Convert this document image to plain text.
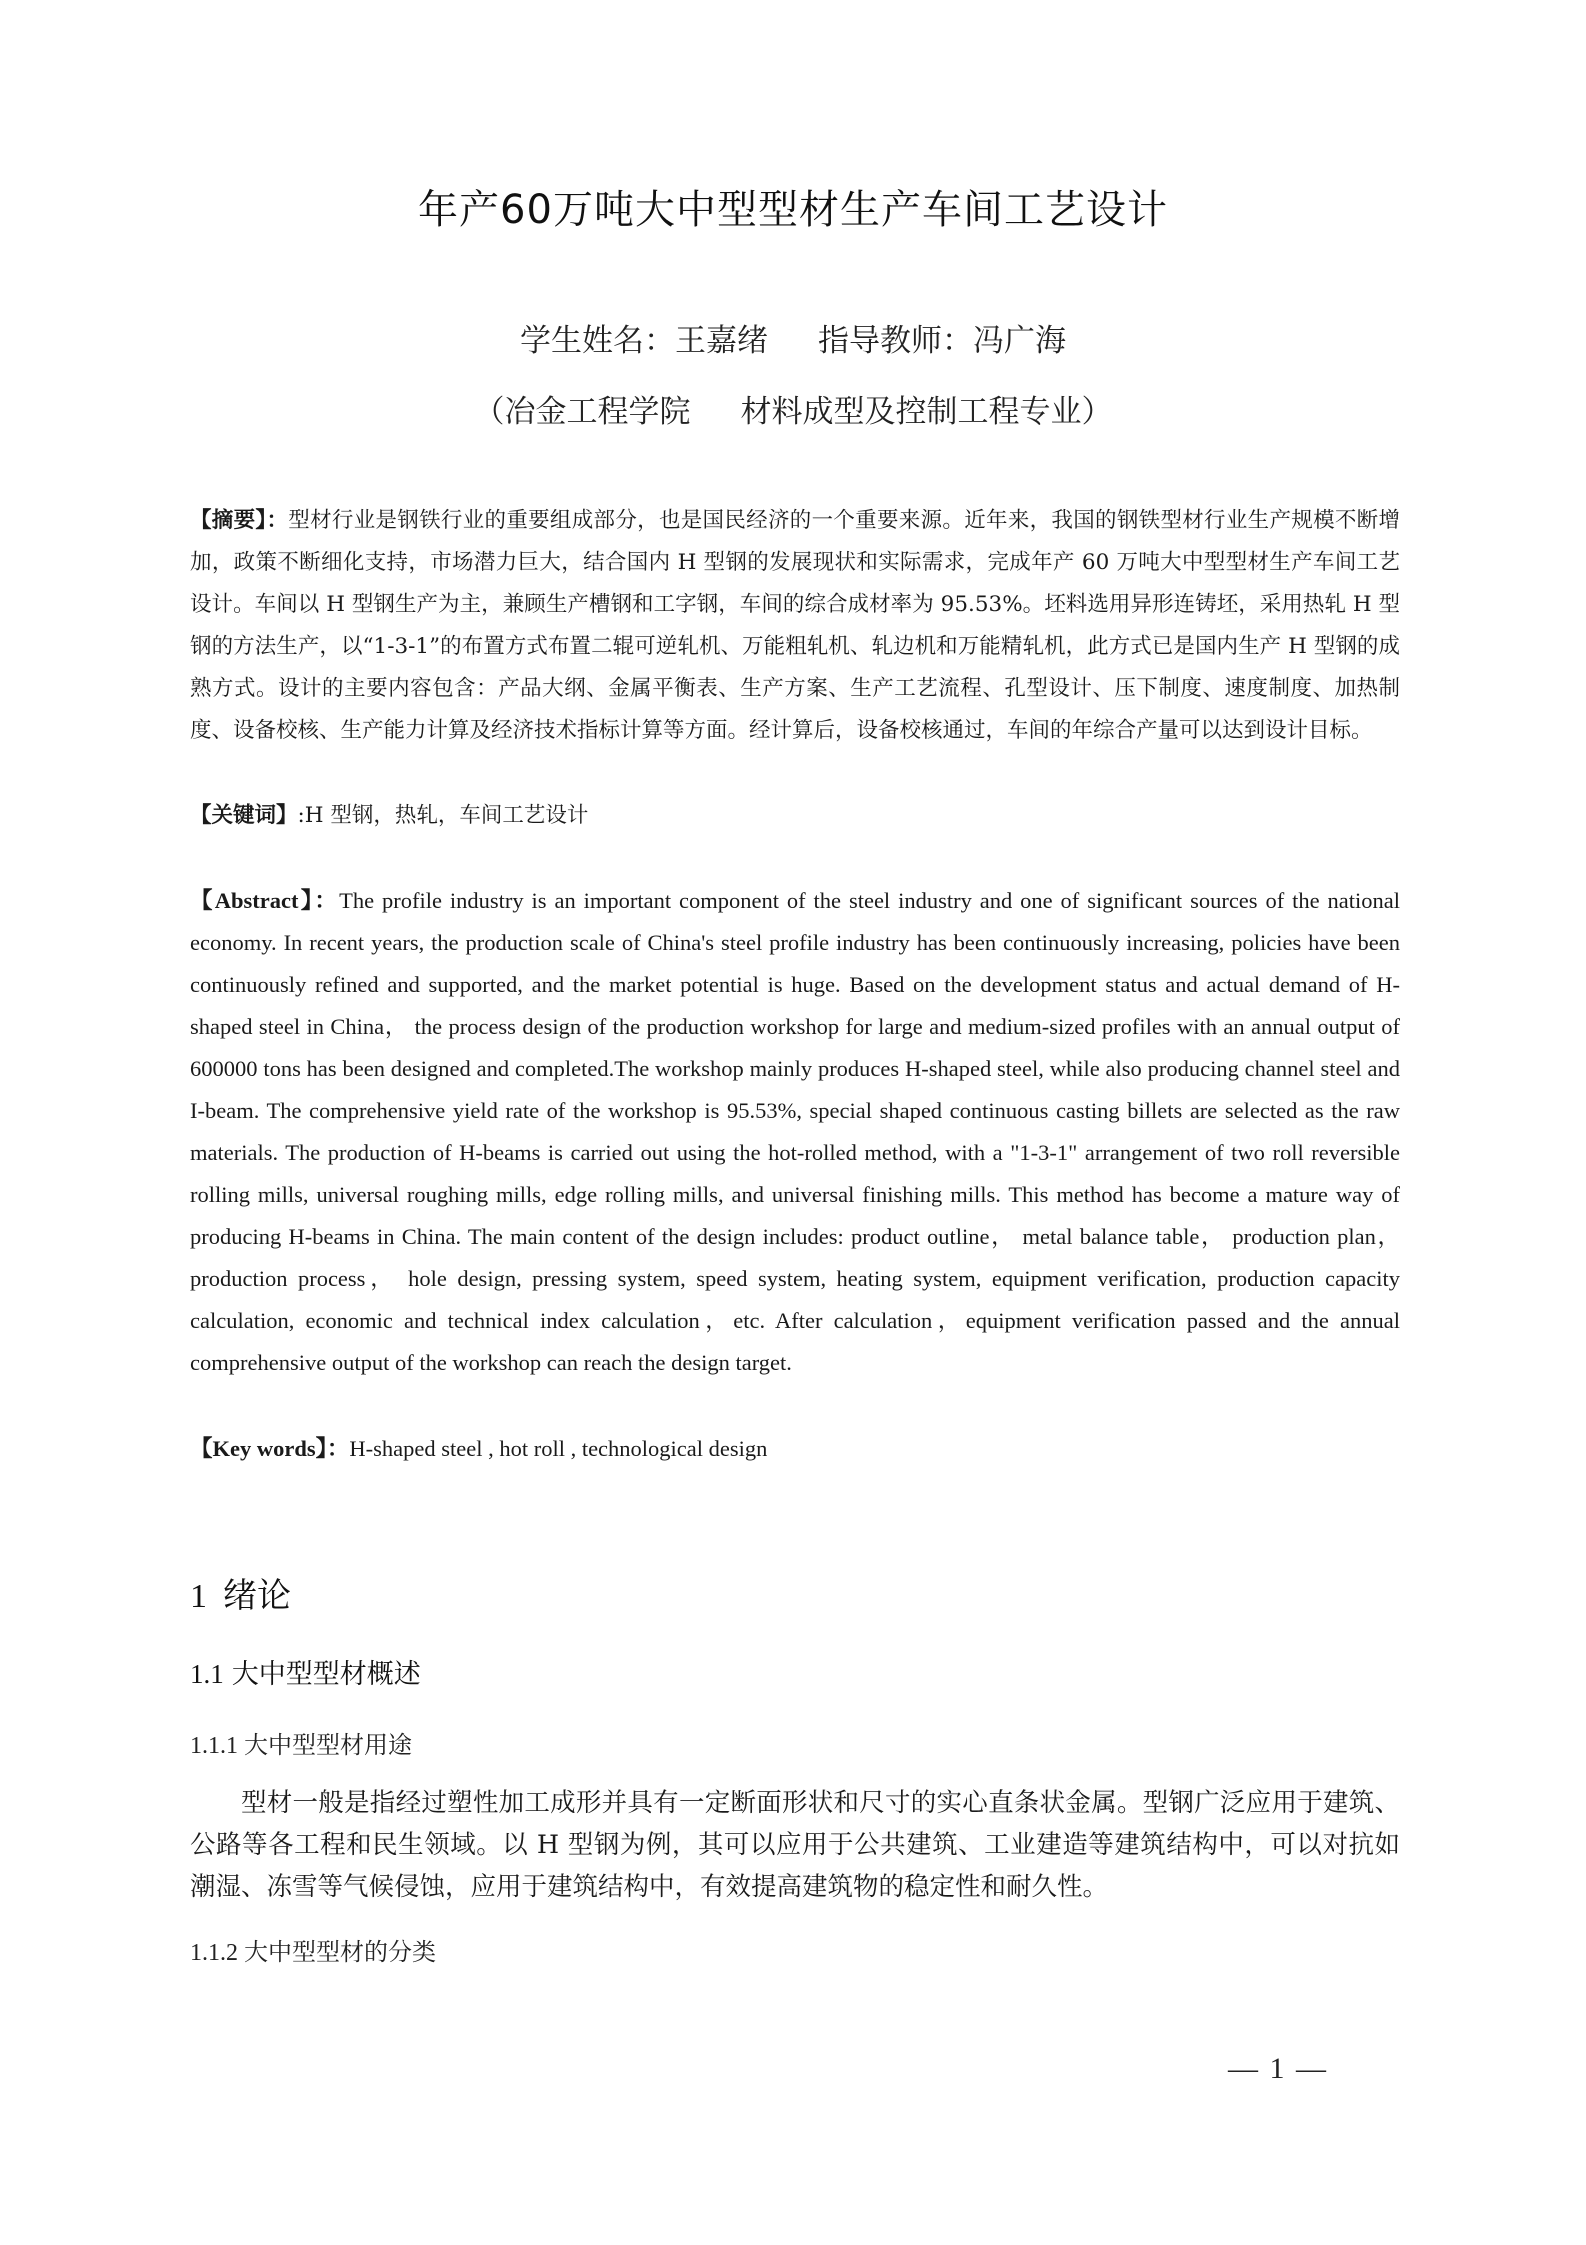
年产60万吨大中型型材生产车间工艺设计
学生姓名：王嘉绪 指导教师：冯广海
（冶金工程学院 材料成型及控制工程专业）
【摘要】：型材行业是钢铁行业的重要组成部分，也是国民经济的一个重要来源。近年来，我国的钢铁型材行业生产规模不断增加，政策不断细化支持，市场潜力巨大，结合国内 H 型钢的发展现状和实际需求，完成年产 60 万吨大中型型材生产车间工艺设计。车间以 H 型钢生产为主，兼顾生产槽钢和工字钢，车间的综合成材率为 95.53%。坯料选用异形连铸坯，采用热轧 H 型钢的方法生产，以“1-3-1”的布置方式布置二辊可逆轧机、万能粗轧机、轧边机和万能精轧机，此方式已是国内生产 H 型钢的成熟方式。设计的主要内容包含：产品大纲、金属平衡表、生产方案、生产工艺流程、孔型设计、压下制度、速度制度、加热制度、设备校核、生产能力计算及经济技术指标计算等方面。经计算后，设备校核通过，车间的年综合产量可以达到设计目标。
【关键词】:H 型钢，热轧，车间工艺设计
【Abstract】：The profile industry is an important component of the steel industry and one of significant sources of the national economy. In recent years, the production scale of China's steel profile industry has been continuously increasing, policies have been continuously refined and supported, and the market potential is huge. Based on the development status and actual demand of H-shaped steel in China， the process design of the production workshop for large and medium-sized profiles with an annual output of 600000 tons has been designed and completed.The workshop mainly produces H-shaped steel, while also producing channel steel and I-beam. The comprehensive yield rate of the workshop is 95.53%, special shaped continuous casting billets are selected as the raw materials. The production of H-beams is carried out using the hot-rolled method, with a "1-3-1" arrangement of two roll reversible rolling mills, universal roughing mills, edge rolling mills, and universal finishing mills. This method has become a mature way of producing H-beams in China. The main content of the design includes: product outline， metal balance table， production plan， production process， hole design, pressing system, speed system, heating system, equipment verification, production capacity calculation, economic and technical index calculation，etc. After calculation，equipment verification passed and the annual comprehensive output of the workshop can reach the design target.
【Key words】：H-shaped steel , hot roll , technological design
1 绪论
1.1 大中型型材概述
1.1.1 大中型型材用途
型材一般是指经过塑性加工成形并具有一定断面形状和尺寸的实心直条状金属。型钢广泛应用于建筑、公路等各工程和民生领域。以 H 型钢为例，其可以应用于公共建筑、工业建造等建筑结构中，可以对抗如潮湿、冻雪等气候侵蚀，应用于建筑结构中，有效提高建筑物的稳定性和耐久性。
1.1.2 大中型型材的分类
— 1 —
